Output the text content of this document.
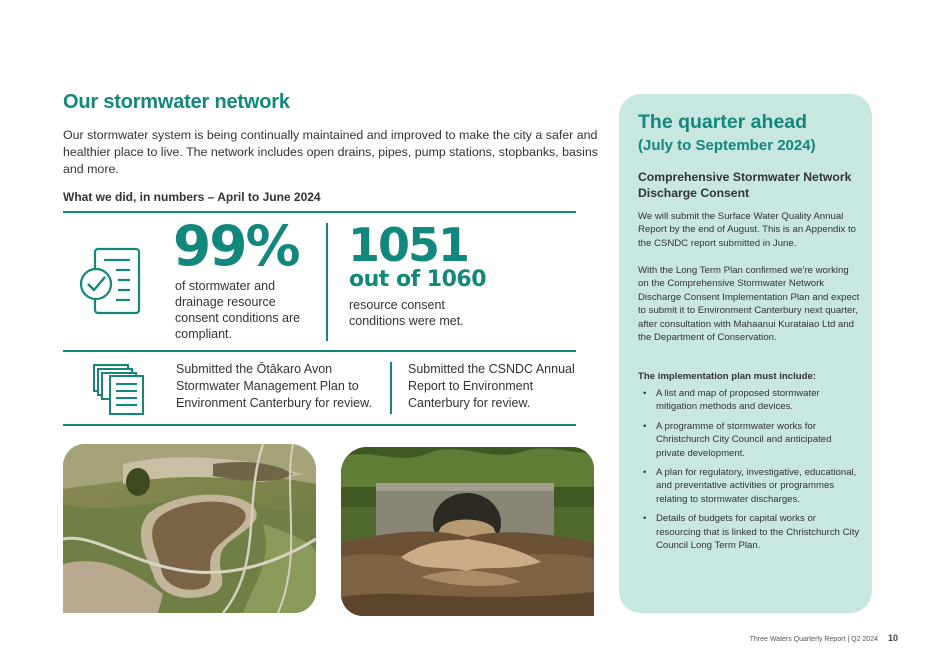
Our stormwater network

Our stormwater system is being continually maintained and improved to make the city a safer and healthier place to live. The network includes open drains, pipes, pump stations, stopbanks, basins and more.

What we did, in numbers – April to June 2024

99%

of stormwater and drainage resource consent conditions are compliant.

1051

out of 1060

resource consent conditions were met.

Submitted the Ōtākaro Avon Stormwater Management Plan to Environment Canterbury for review.

Submitted the CSNDC Annual Report to Environment Canterbury for review.

The quarter ahead

(July to September 2024)

Comprehensive Stormwater Network Discharge Consent

We will submit the Surface Water Quality Annual Report by the end of August. This is an Appendix to the CSNDC report submitted in June.

With the Long Term Plan confirmed we're working on the Comprehensive Stormwater Network Discharge Consent Implementation Plan and expect to submit it to Environment Canterbury next quarter, after consultation with Mahaanui Kurataiao Ltd and the Department of Conservation.

The implementation plan must include:

• A list and map of proposed stormwater mitigation methods and devices.
• A programme of stormwater works for Christchurch City Council and anticipated private development.
• A plan for regulatory, investigative, educational, and preventative activities or programmes relating to stormwater discharges.
• Details of budgets for capital works or resourcing that is linked to the Christchurch City Council Long Term Plan.
Three Waters Quarterly Report | Q2 2024 10
